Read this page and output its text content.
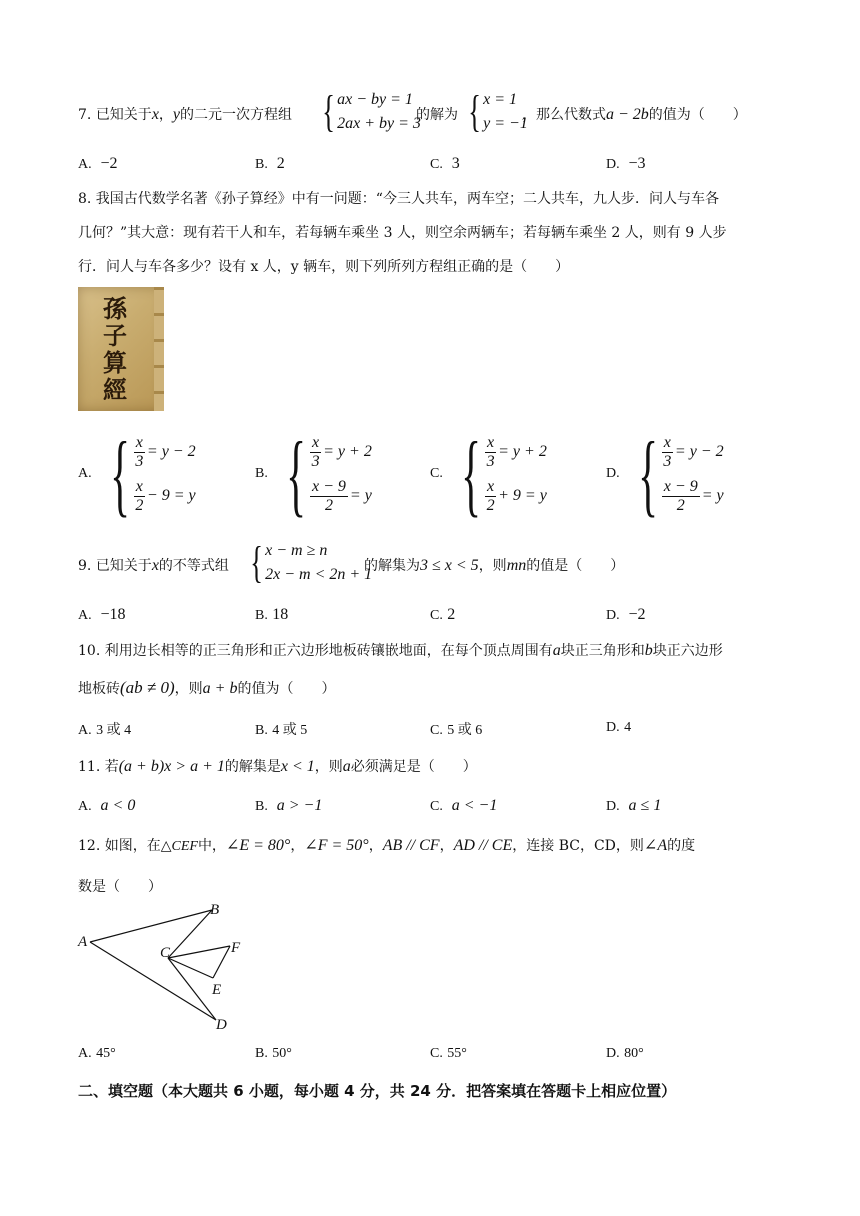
7. 已知关于x，y的二元一次方程组 { ax − by = 1
2ax + by = 3
的解为 { x = 1
y = −1
，那么代数式a − 2b的值为（　　）
A. −2	B. 2	C. 3	D. −3
8. 我国古代数学名著《孙子算经》中有一问题：“今三人共车，两车空；二人共车，九人步．问人与车各
几何？”其大意：现有若干人和车，若每辆车乘坐 3 人，则空余两辆车；若每辆车乘坐 2 人，则有 9 人步
行．问人与车各多少？设有 x 人，y 辆车，则下列所列方程组正确的是（　　）
孫子算經
A. { $\frac{x}{3} = y - 2$
$\frac{x}{2} - 9 = y$
B. { $\frac{x}{3} = y + 2$
$\frac{x - 9}{2} = y$
C. { $\frac{x}{3} = y + 2$
$\frac{x}{2} + 9 = y$
D. { $\frac{x}{3} = y - 2$
$\frac{x - 9}{2} = y$
9. 已知关于x的不等式组 { x − m ≥ n
2x − m < 2n + 1
的解集为3 ≤ x < 5，则mn的值是（　　）
A. −18	B. 18	C. 2	D. −2
10. 利用边长相等的正三角形和正六边形地板砖镶嵌地面，在每个顶点周围有a块正三角形和b块正六边形
地板砖(ab ≠ 0)，则a + b的值为（　　）
A. 3 或 4	B. 4 或 5	C. 5 或 6	D. 4
11. 若(a + b)x > a + 1的解集是x < 1，则a必须满足是（　　）
A. a < 0	B. a > −1	C. a < −1	D. a ≤ 1
12. 如图，在△CEF中，∠E = 80°，∠F = 50°，AB // CF，AD // CE，连接 BC，CD，则∠A的度
数是（　　）
A
B
C
D
E
F
A. 45°	B. 50°	C. 55°	D. 80°
二、填空题（本大题共 6 小题，每小题 4 分，共 24 分．把答案填在答题卡上相应位置）
